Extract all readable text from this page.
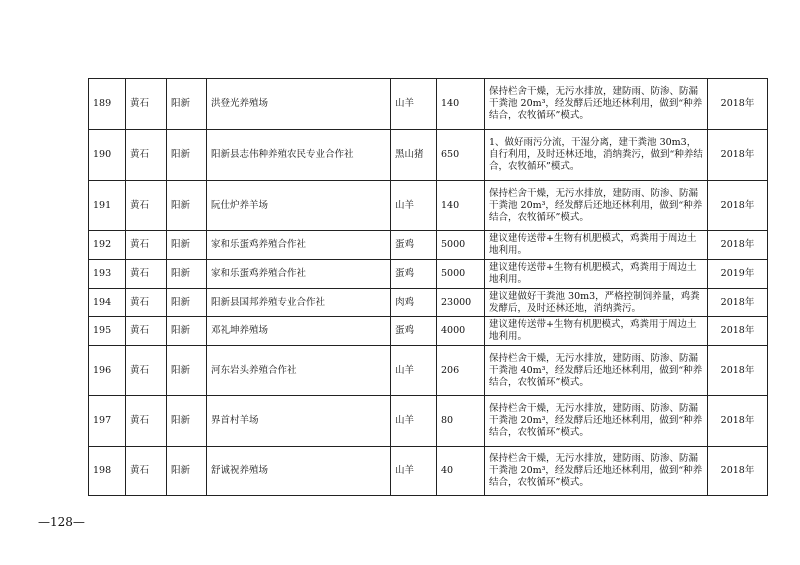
189	黄石	阳新	洪登光养殖场	山羊	140	保持栏舍干燥，无污水排放，建防雨、防渗、防漏干粪池 20m³，经发酵后还地还林利用，做到“种养结合，农牧循环”模式。	2018年
190	黄石	阳新	阳新县志伟种养殖农民专业合作社	黑山猪	650	1、做好雨污分流，干湿分离，建干粪池 30m3，自行利用，及时还林还地，消纳粪污，做到“种养结合，农牧循环”模式。	2018年
191	黄石	阳新	阮仕炉养羊场	山羊	140	保持栏舍干燥，无污水排放，建防雨、防渗、防漏干粪池 20m³，经发酵后还地还林利用，做到“种养结合，农牧循环”模式。	2018年
192	黄石	阳新	家和乐蛋鸡养殖合作社	蛋鸡	5000	建议建传送带+生物有机肥模式，鸡粪用于周边土地利用。	2018年
193	黄石	阳新	家和乐蛋鸡养殖合作社	蛋鸡	5000	建议建传送带+生物有机肥模式，鸡粪用于周边土地利用。	2019年
194	黄石	阳新	阳新县国邦养殖专业合作社	肉鸡	23000	建议建做好干粪池 30m3，严格控制饲养量，鸡粪发酵后，及时还林还地，消纳粪污。	2018年
195	黄石	阳新	邓礼坤养殖场	蛋鸡	4000	建议建传送带+生物有机肥模式，鸡粪用于周边土地利用。	2018年
196	黄石	阳新	河东岩头养殖合作社	山羊	206	保持栏舍干燥，无污水排放，建防雨、防渗、防漏干粪池 40m³，经发酵后还地还林利用，做到“种养结合，农牧循环”模式。	2018年
197	黄石	阳新	界首村羊场	山羊	80	保持栏舍干燥，无污水排放，建防雨、防渗、防漏干粪池 20m³，经发酵后还地还林利用，做到“种养结合，农牧循环”模式。	2018年
198	黄石	阳新	舒诚祝养殖场	山羊	40	保持栏舍干燥，无污水排放，建防雨、防渗、防漏干粪池 20m³，经发酵后还地还林利用，做到“种养结合，农牧循环”模式。	2018年
—128—
